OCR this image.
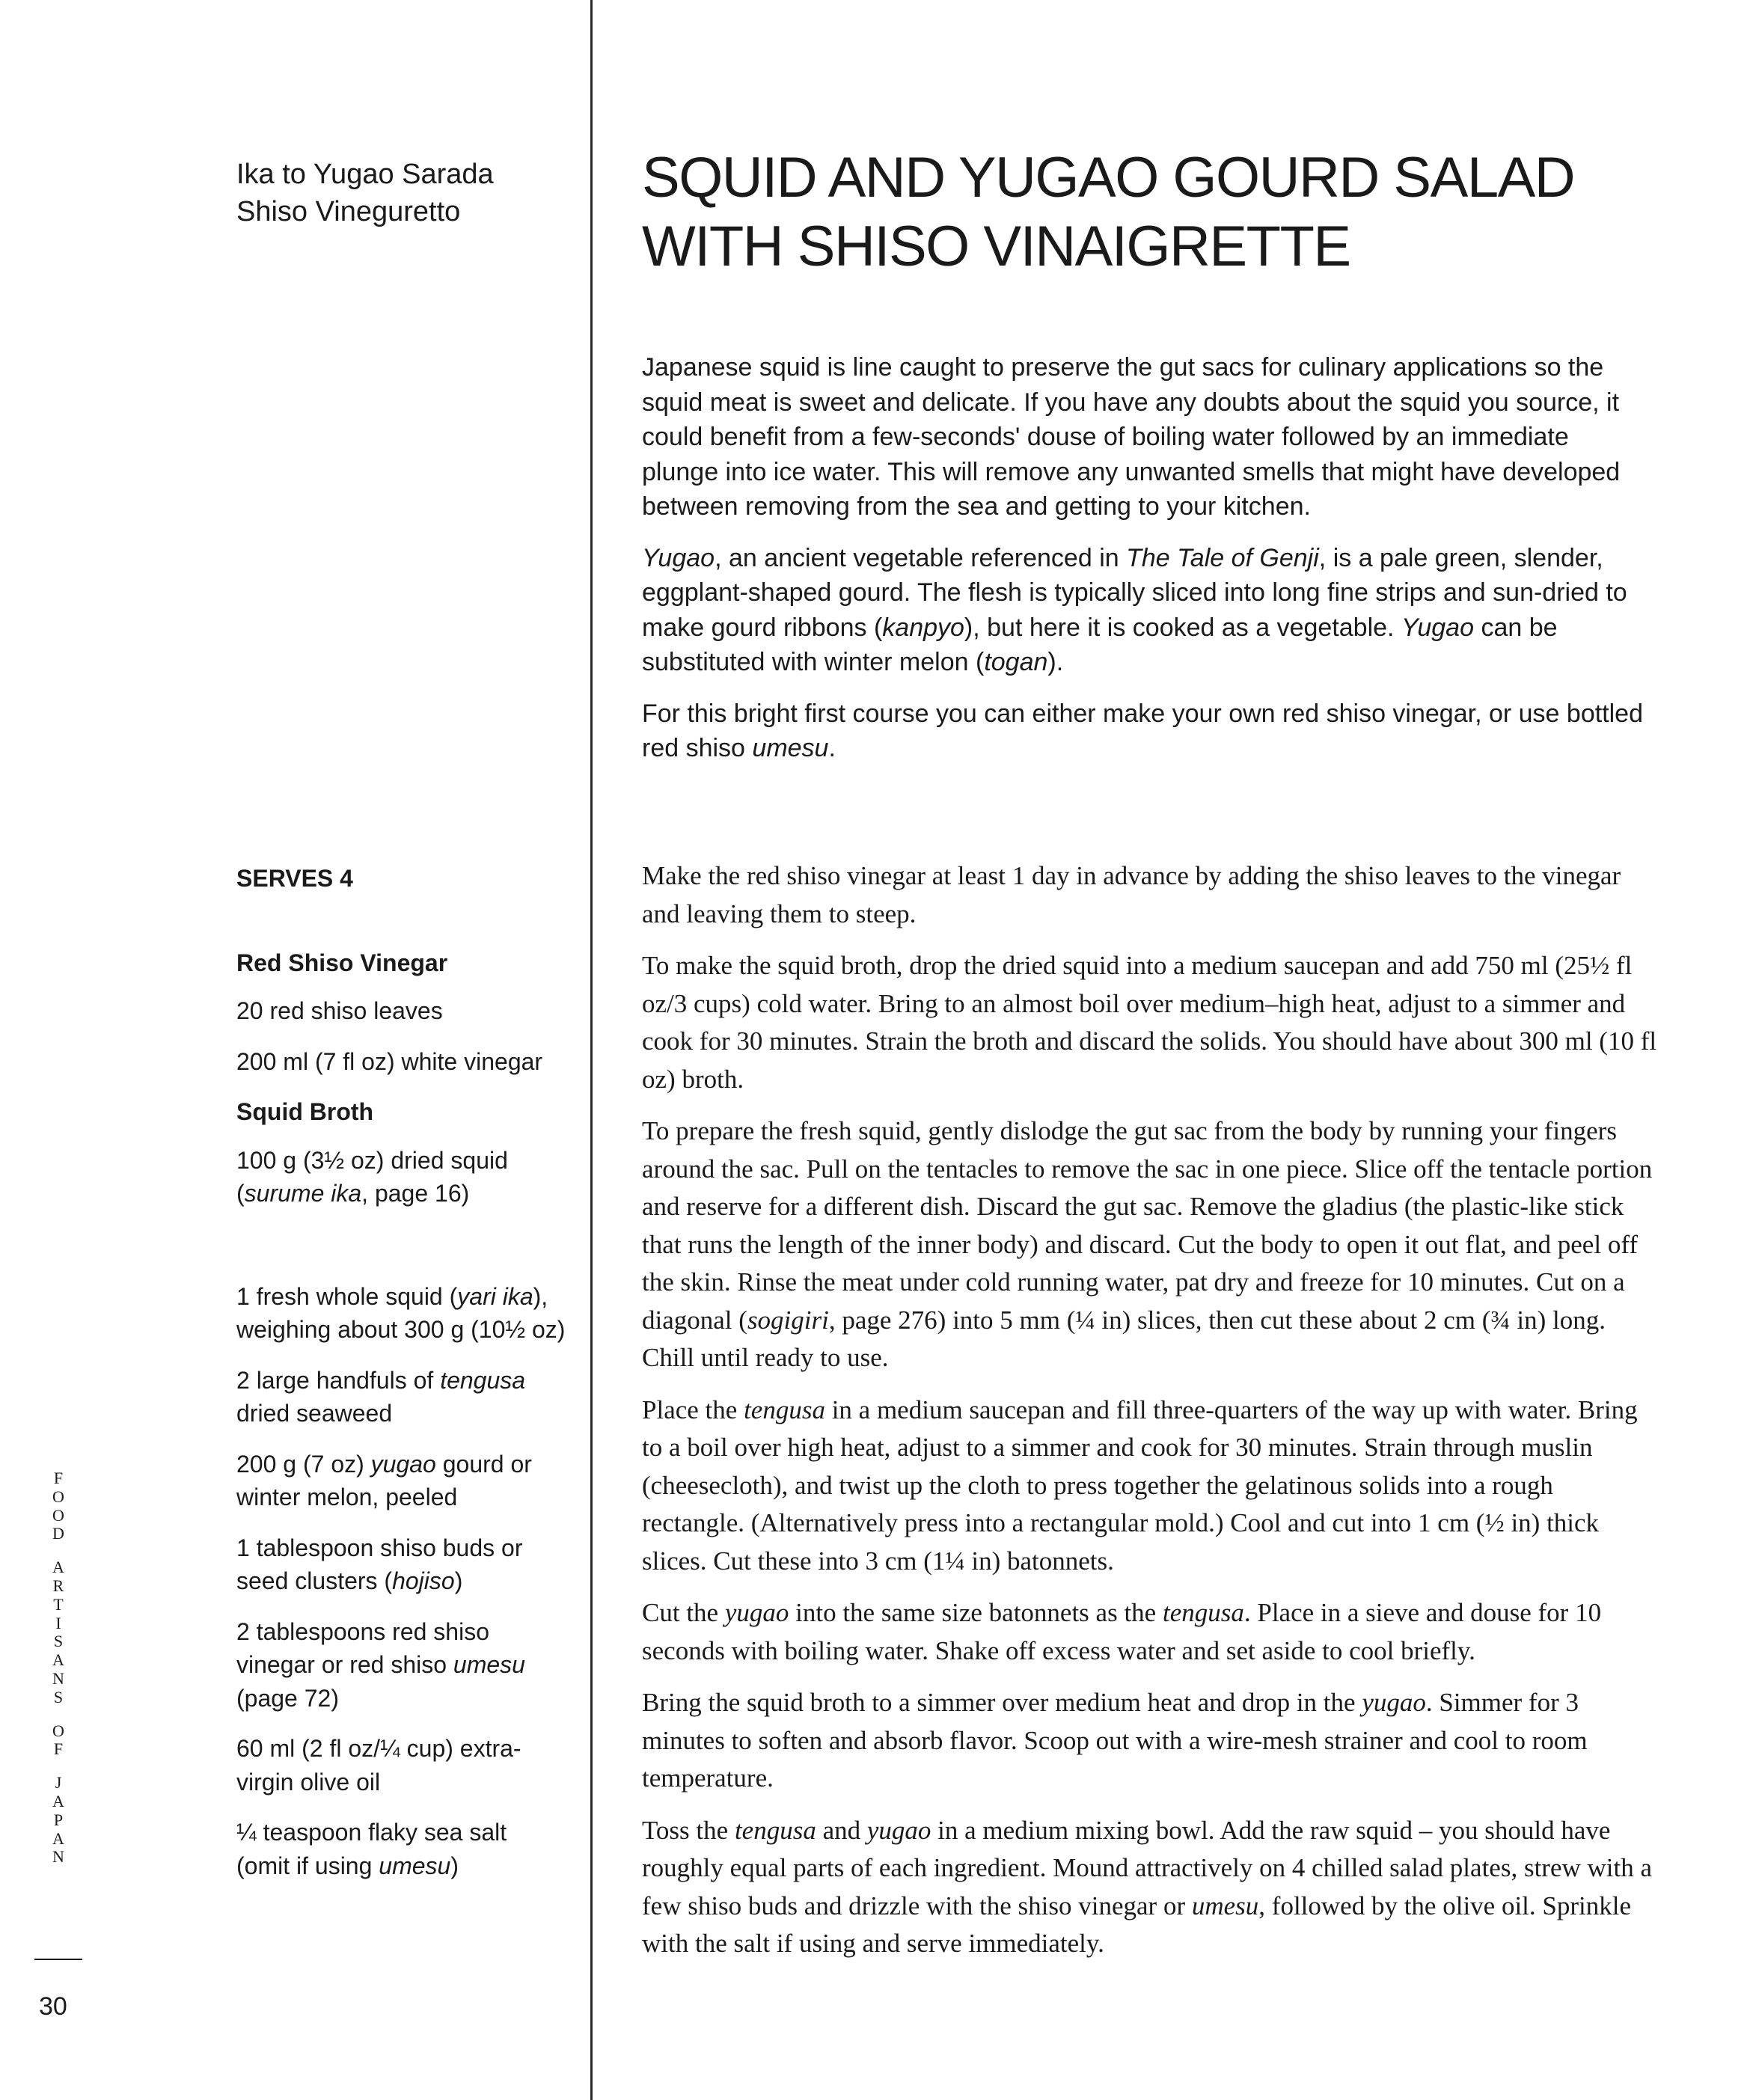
Ika to Yugao Sarada Shiso Vineguretto
SQUID AND YUGAO GOURD SALAD WITH SHISO VINAIGRETTE

Japanese squid is line caught to preserve the gut sacs for culinary applications so the squid meat is sweet and delicate. If you have any doubts about the squid you source, it could benefit from a few-seconds' douse of boiling water followed by an immediate plunge into ice water. This will remove any unwanted smells that might have developed between removing from the sea and getting to your kitchen.

Yugao, an ancient vegetable referenced in The Tale of Genji, is a pale green, slender, eggplant-shaped gourd. The flesh is typically sliced into long fine strips and sun-dried to make gourd ribbons (kanpyo), but here it is cooked as a vegetable. Yugao can be substituted with winter melon (togan).

For this bright first course you can either make your own red shiso vinegar, or use bottled red shiso umesu.

SERVES 4
Red Shiso Vinegar
20 red shiso leaves
200 ml (7 fl oz) white vinegar
Squid Broth
100 g (3½ oz) dried squid (surume ika, page 16)
1 fresh whole squid (yari ika), weighing about 300 g (10½ oz)
2 large handfuls of tengusa dried seaweed
200 g (7 oz) yugao gourd or winter melon, peeled
1 tablespoon shiso buds or seed clusters (hojiso)
2 tablespoons red shiso vinegar or red shiso umesu (page 72)
60 ml (2 fl oz/¼ cup) extra-virgin olive oil
¼ teaspoon flaky sea salt (omit if using umesu)

Make the red shiso vinegar at least 1 day in advance by adding the shiso leaves to the vinegar and leaving them to steep.

To make the squid broth, drop the dried squid into a medium saucepan and add 750 ml (25½ fl oz/3 cups) cold water. Bring to an almost boil over medium–high heat, adjust to a simmer and cook for 30 minutes. Strain the broth and discard the solids. You should have about 300 ml (10 fl oz) broth.

To prepare the fresh squid, gently dislodge the gut sac from the body by running your fingers around the sac. Pull on the tentacles to remove the sac in one piece. Slice off the tentacle portion and reserve for a different dish. Discard the gut sac. Remove the gladius (the plastic-like stick that runs the length of the inner body) and discard. Cut the body to open it out flat, and peel off the skin. Rinse the meat under cold running water, pat dry and freeze for 10 minutes. Cut on a diagonal (sogigiri, page 276) into 5 mm (¼ in) slices, then cut these about 2 cm (¾ in) long. Chill until ready to use.

Place the tengusa in a medium saucepan and fill three-quarters of the way up with water. Bring to a boil over high heat, adjust to a simmer and cook for 30 minutes. Strain through muslin (cheesecloth), and twist up the cloth to press together the gelatinous solids into a rough rectangle. (Alternatively press into a rectangular mold.) Cool and cut into 1 cm (½ in) thick slices. Cut these into 3 cm (1¼ in) batonnets.

Cut the yugao into the same size batonnets as the tengusa. Place in a sieve and douse for 10 seconds with boiling water. Shake off excess water and set aside to cool briefly.

Bring the squid broth to a simmer over medium heat and drop in the yugao. Simmer for 3 minutes to soften and absorb flavor. Scoop out with a wire-mesh strainer and cool to room temperature.

Toss the tengusa and yugao in a medium mixing bowl. Add the raw squid – you should have roughly equal parts of each ingredient. Mound attractively on 4 chilled salad plates, strew with a few shiso buds and drizzle with the shiso vinegar or umesu, followed by the olive oil. Sprinkle with the salt if using and serve immediately.

F
O
O
D
A
R
T
I
S
A
N
S
O
F
J
A
P
A
N
30
